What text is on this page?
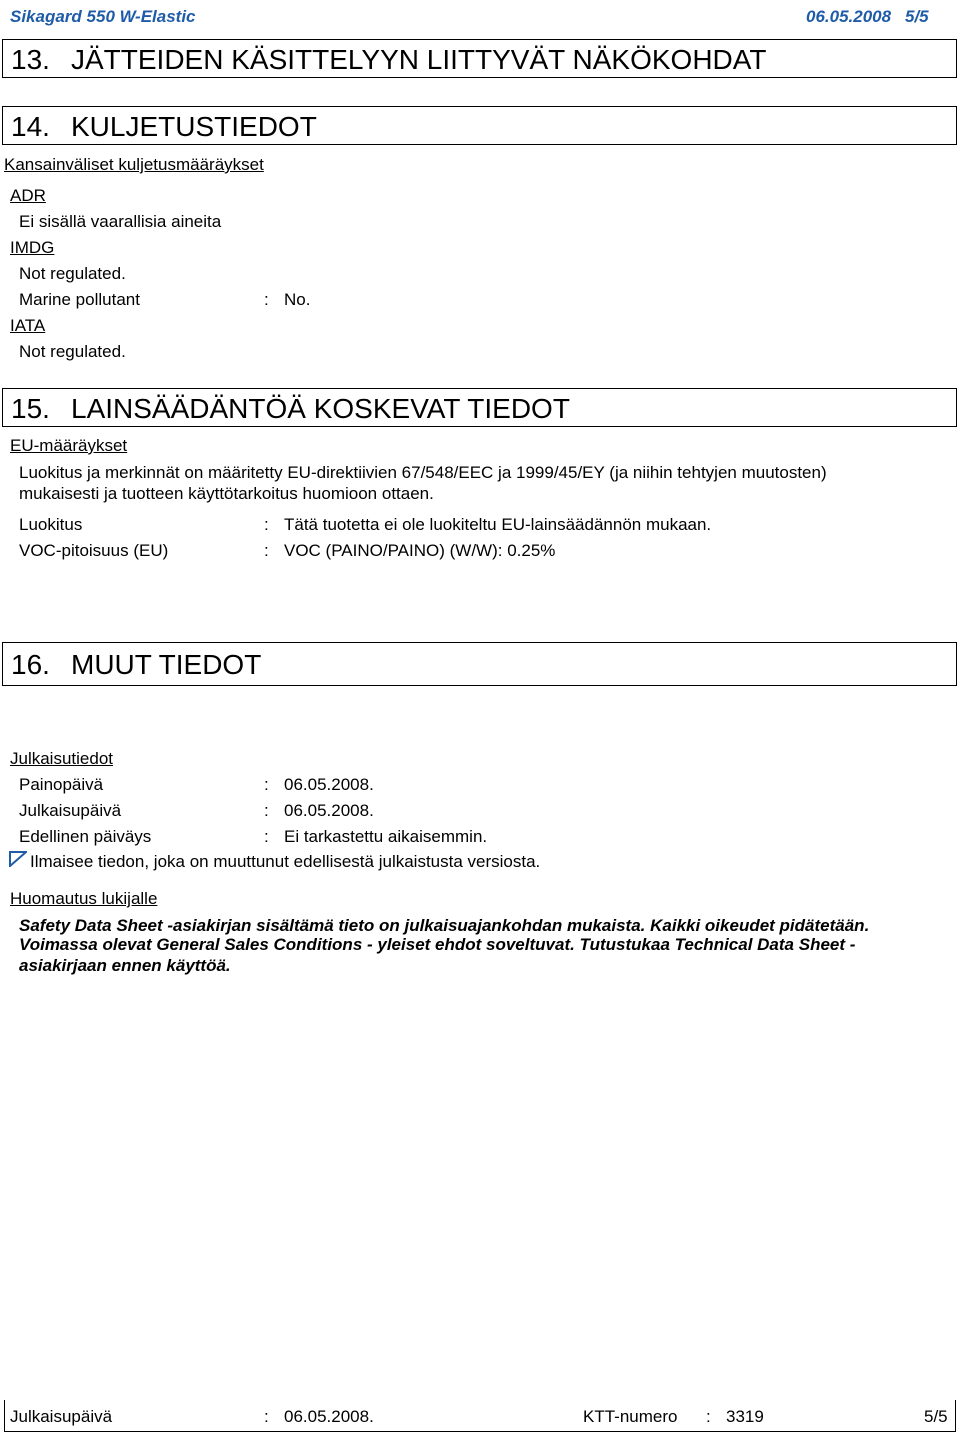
Sikagard 550 W-Elastic	06.05.2008 5/5
13. JÄTTEIDEN KÄSITTELYYN LIITTYVÄT NÄKÖKOHDAT
14. KULJETUSTIEDOT
Kansainväliset kuljetusmääräykset
ADR
Ei sisällä vaarallisia aineita
IMDG
Not regulated.
Marine pollutant	: No.
IATA
Not regulated.
15. LAINSÄÄDÄNTÖÄ KOSKEVAT TIEDOT
EU-määräykset
Luokitus ja merkinnät on määritetty EU-direktiivien 67/548/EEC ja 1999/45/EY (ja niihin tehtyjen muutosten)
mukaisesti ja tuotteen käyttötarkoitus huomioon ottaen.
Luokitus	: Tätä tuotetta ei ole luokiteltu EU-lainsäädännön mukaan.
VOC-pitoisuus (EU)	: VOC (PAINO/PAINO) (W/W): 0.25%
16. MUUT TIEDOT
Julkaisutiedot
Painopäivä	: 06.05.2008.
Julkaisupäivä	: 06.05.2008.
Edellinen päiväys	: Ei tarkastettu aikaisemmin.
Ilmaisee tiedon, joka on muuttunut edellisestä julkaistusta versiosta.
Huomautus lukijalle
Safety Data Sheet -asiakirjan sisältämä tieto on julkaisuajankohdan mukaista. Kaikki oikeudet pidätetään.
Voimassa olevat General Sales Conditions - yleiset ehdot soveltuvat. Tutustukaa Technical Data Sheet -
asiakirjaan ennen käyttöä.
Julkaisupäivä	: 06.05.2008.	KTT-numero : 3319	5/5
